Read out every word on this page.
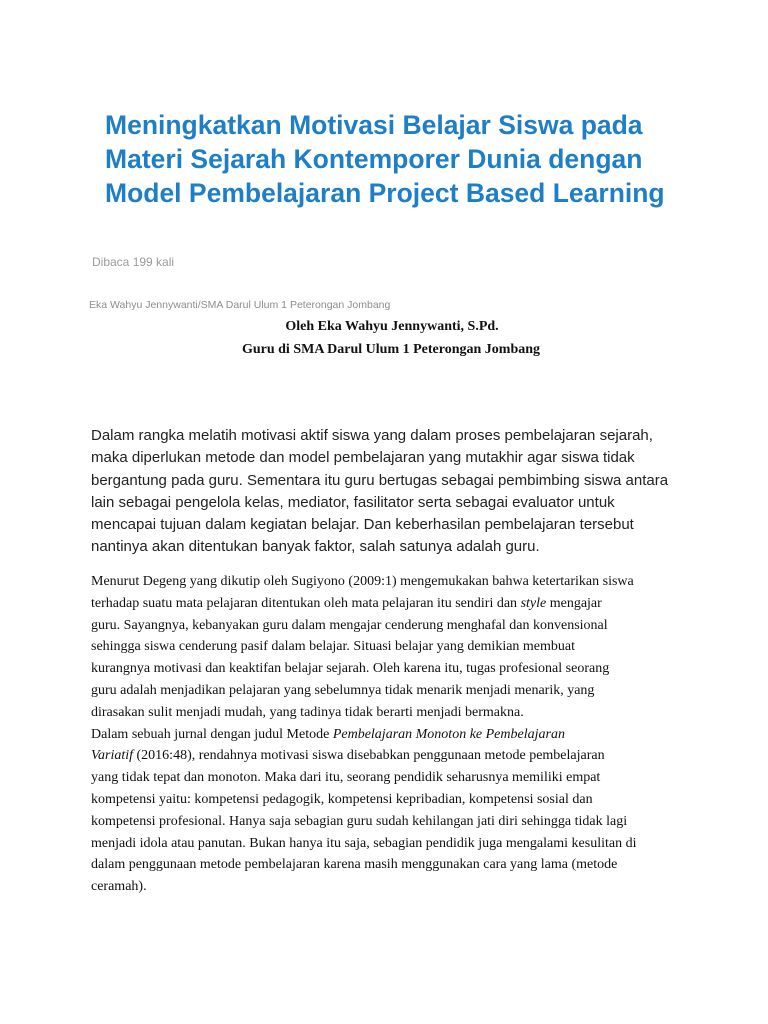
Meningkatkan Motivasi Belajar Siswa pada Materi Sejarah Kontemporer Dunia dengan Model Pembelajaran Project Based Learning
Dibaca 199 kali
Eka Wahyu Jennywanti/SMA Darul Ulum 1 Peterongan Jombang
Oleh Eka Wahyu Jennywanti, S.Pd.
Guru di SMA Darul Ulum 1 Peterongan Jombang
Dalam rangka melatih motivasi aktif siswa yang dalam proses pembelajaran sejarah,
maka diperlukan metode dan model pembelajaran yang mutakhir agar siswa tidak
bergantung pada guru. Sementara itu guru bertugas sebagai pembimbing siswa antara
lain sebagai pengelola kelas, mediator, fasilitator serta sebagai evaluator untuk
mencapai tujuan dalam kegiatan belajar. Dan keberhasilan pembelajaran tersebut
nantinya akan ditentukan banyak faktor, salah satunya adalah guru.
Menurut Degeng yang dikutip oleh Sugiyono (2009:1) mengemukakan bahwa ketertarikan siswa
terhadap suatu mata pelajaran ditentukan oleh mata pelajaran itu sendiri dan style mengajar
guru. Sayangnya, kebanyakan guru dalam mengajar cenderung menghafal dan konvensional
sehingga siswa cenderung pasif dalam belajar. Situasi belajar yang demikian membuat
kurangnya motivasi dan keaktifan belajar sejarah. Oleh karena itu, tugas profesional seorang
guru adalah menjadikan pelajaran yang sebelumnya tidak menarik menjadi menarik, yang
dirasakan sulit menjadi mudah, yang tadinya tidak berarti menjadi bermakna.
Dalam sebuah jurnal dengan judul Metode Pembelajaran Monoton ke Pembelajaran
Variatif (2016:48), rendahnya motivasi siswa disebabkan penggunaan metode pembelajaran
yang tidak tepat dan monoton. Maka dari itu, seorang pendidik seharusnya memiliki empat
kompetensi yaitu: kompetensi pedagogik, kompetensi kepribadian, kompetensi sosial dan
kompetensi profesional. Hanya saja sebagian guru sudah kehilangan jati diri sehingga tidak lagi
menjadi idola atau panutan. Bukan hanya itu saja, sebagian pendidik juga mengalami kesulitan di
dalam penggunaan metode pembelajaran karena masih menggunakan cara yang lama (metode
ceramah).
